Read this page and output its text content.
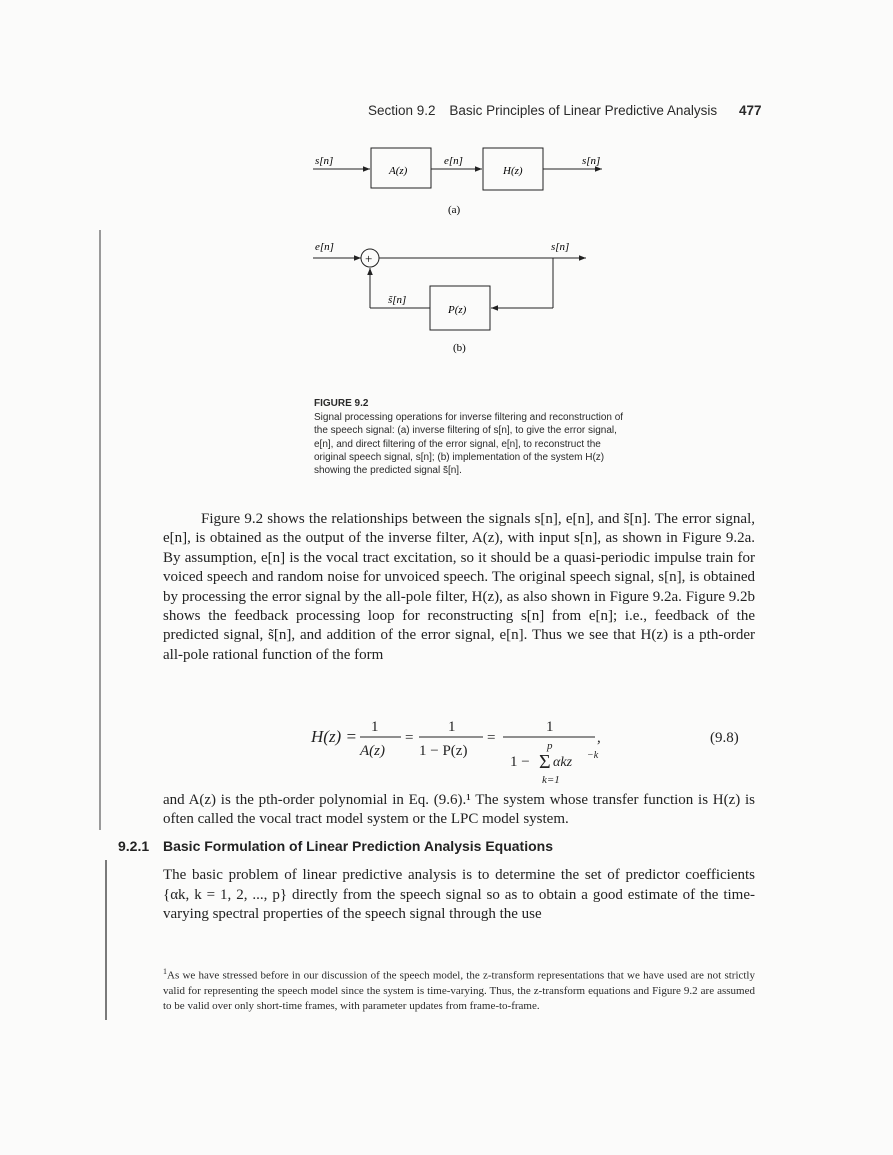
Section 9.2 Basic Principles of Linear Predictive Analysis 477
s[n]
A(z)
e[n]
H(z)
s[n]
(a)
+
e[n]	s[n]
s̃[n]
P(z)
(b)
FIGURE 9.2
Signal processing operations for inverse filtering and reconstruction of the speech signal: (a) inverse filtering of s[n], to give the error signal, e[n], and direct filtering of the error signal, e[n], to reconstruct the original speech signal, s[n]; (b) implementation of the system H(z) showing the predicted signal s̃[n].
Figure 9.2 shows the relationships between the signals s[n], e[n], and s̃[n]. The error signal, e[n], is obtained as the output of the inverse filter, A(z), with input s[n], as shown in Figure 9.2a. By assumption, e[n] is the vocal tract excitation, so it should be a quasi-periodic impulse train for voiced speech and random noise for unvoiced speech. The original speech signal, s[n], is obtained by processing the error signal by the all-pole filter, H(z), as also shown in Figure 9.2a. Figure 9.2b shows the feedback processing loop for reconstructing s[n] from e[n]; i.e., feedback of the predicted signal, s̃[n], and addition of the error signal, e[n]. Thus we see that H(z) is a pth-order all-pole rational function of the form
H(z) = 1
A(z)
=
1
1 − P(z)
=
1
p
1 − Σ αkz −k
k=1
,	(9.8)
and A(z) is the pth-order polynomial in Eq. (9.6).¹ The system whose transfer function is H(z) is often called the vocal tract model system or the LPC model system.
9.2.1 Basic Formulation of Linear Prediction Analysis Equations
The basic problem of linear predictive analysis is to determine the set of predictor coefficients {αk, k = 1, 2, ..., p} directly from the speech signal so as to obtain a good estimate of the time-varying spectral properties of the speech signal through the use
$^1$As we have stressed before in our discussion of the speech model, the z-transform representations that we have used are not strictly valid for representing the speech model since the system is time-varying. Thus, the z-transform equations and Figure 9.2 are assumed to be valid over only short-time frames, with parameter updates from frame-to-frame.
